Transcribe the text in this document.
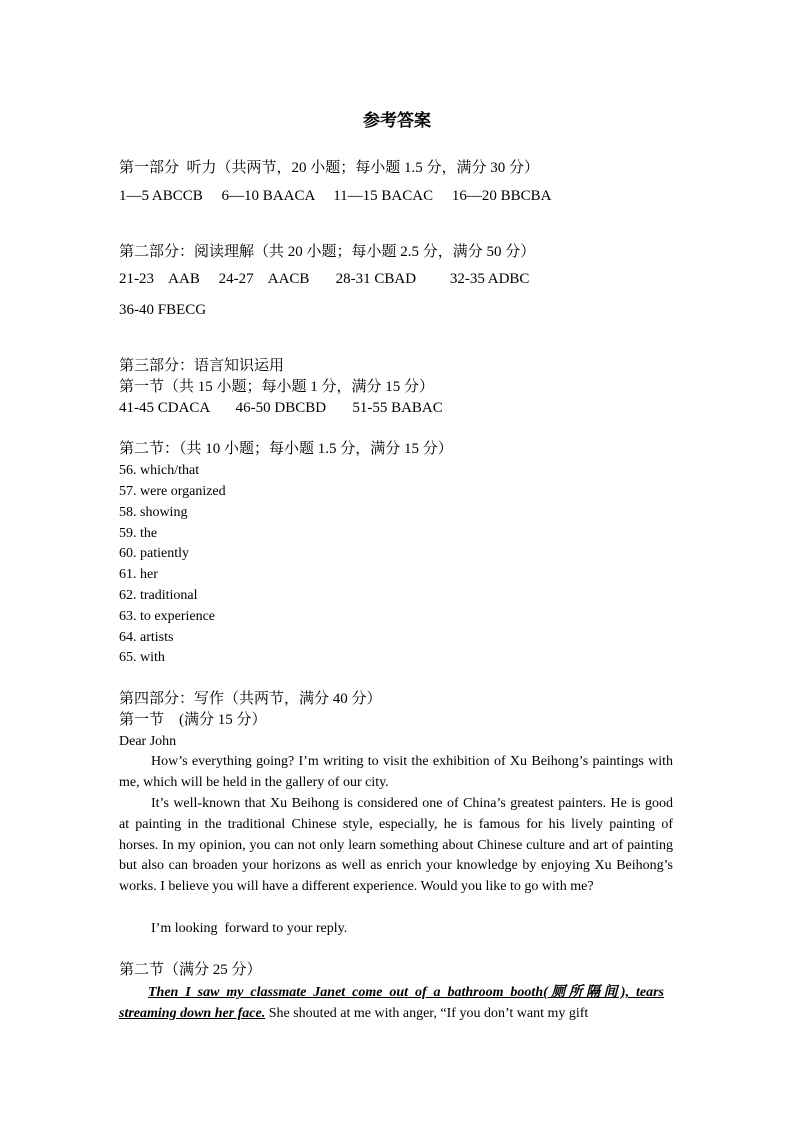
参考答案
第一部分  听力（共两节，20 小题；每小题 1.5 分，满分 30 分）
1—5 ABCCB     6—10 BAACA     11—15 BACAC     16—20 BBCBA
第二部分：阅读理解（共 20 小题；每小题 2.5 分，满分 50 分）
21-23    AAB     24-27    AACB       28-31 CBAD         32-35 ADBC
36-40 FBECG
第三部分：语言知识运用
第一节（共 15 小题；每小题 1 分，满分 15 分）
41-45 CDACA       46-50 DBCBD       51-55 BABAC
第二节：（共 10 小题；每小题 1.5 分，满分 15 分）
56. which/that
57. were organized
58. showing
59. the
60. patiently
61. her
62. traditional
63. to experience
64. artists
65. with
第四部分：写作（共两节，满分 40 分）
第一节    (满分 15 分）
Dear John
How’s everything going? I’m writing to visit the exhibition of Xu Beihong’s paintings with me, which will be held in the gallery of our city.
It’s well-known that Xu Beihong is considered one of China’s greatest painters. He is good at painting in the traditional Chinese style, especially, he is famous for his lively painting of horses. In my opinion, you can not only learn something about Chinese culture and art of painting but also can broaden your horizons as well as enrich your knowledge by enjoying Xu Beihong’s works. I believe you will have a different experience. Would you like to go with me?
I’m looking  forward to your reply.
第二节（满分 25 分）
Then I saw my classmate Janet come out of a bathroom booth(厕所隔间), tears streaming down her face. She shouted at me with anger, “If you don’t want my gift
